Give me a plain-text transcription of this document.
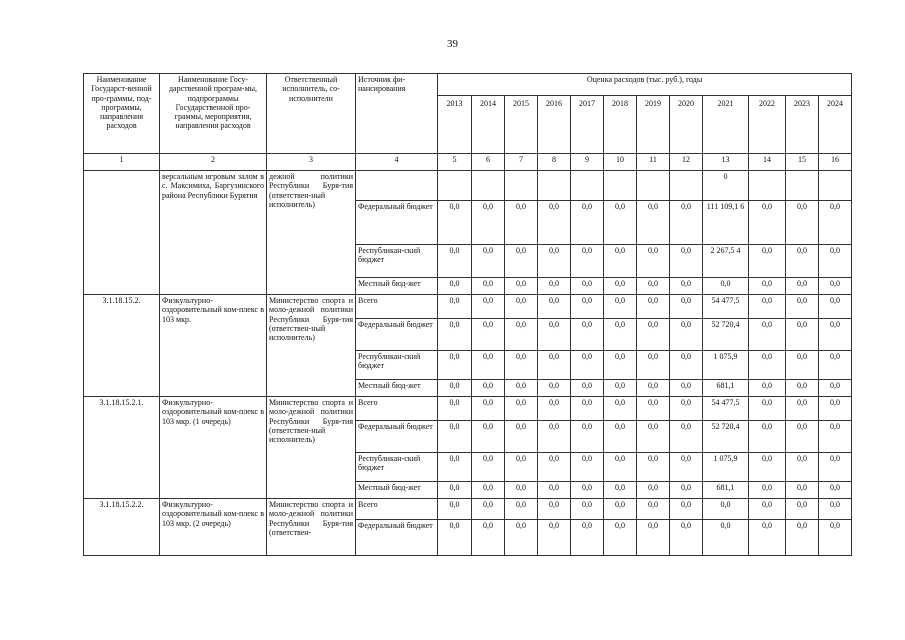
39
Наименование Государст-венной про-граммы, под-программы, направления расходов	Наименование Госу-дарственной програм-мы, подпрограммы Государственной про-граммы, мероприятия, направления расходов	Ответственный исполнитель, со-исполнители	Источник фи-нансирования	Оценка расходов (тыс. руб.), годы											
				2013	2014	2015	2016	2017	2018	2019	2020	2021	2022	2023	2024
1	2	3	4	5	6	7	8	9	10	11	12	13	14	15	16
	версальным игровым залом в с. Максимиха, Баргузинского района Республики Бурятия	дежной политики Республики Буря-тия (ответствен-ный исполнитель)										0			
			Федеральный бюджет	0,0	0,0	0,0	0,0	0,0	0,0	0,0	0,0	111 109,1 6	0,0	0,0	0,0
			Республикан-ский бюджет	0,0	0,0	0,0	0,0	0,0	0,0	0,0	0,0	2 267,5 4	0,0	0,0	0,0
			Местный бюд-жет	0,0	0,0	0,0	0,0	0,0	0,0	0,0	0,0	0,0	0,0	0,0	0,0
3.1.18.15.2.	Физкультурно-оздоровительный ком-плекс в 103 мкр.	Министерство спорта и моло-дежной политики Республики Буря-тия (ответствен-ный исполнитель)	Всего	0,0	0,0	0,0	0,0	0,0	0,0	0,0	0,0	54 477,5	0,0	0,0	0,0
			Федеральный бюджет	0,0	0,0	0,0	0,0	0,0	0,0	0,0	0,0	52 720,4	0,0	0,0	0,0
			Республикан-ский бюджет	0,0	0,0	0,0	0,0	0,0	0,0	0,0	0,0	1 075,9	0,0	0,0	0,0
			Местный бюд-жет	0,0	0,0	0,0	0,0	0,0	0,0	0,0	0,0	681,1	0,0	0,0	0,0
3.1.18.15.2.1.	Физкультурно-оздоровительный ком-плекс в 103 мкр. (1 очередь)	Министерство спорта и моло-дежной политики Республики Буря-тия (ответствен-ный исполнитель)	Всего	0,0	0,0	0,0	0,0	0,0	0,0	0,0	0,0	54 477,5	0,0	0,0	0,0
			Федеральный бюджет	0,0	0,0	0,0	0,0	0,0	0,0	0,0	0,0	52 720,4	0,0	0,0	0,0
			Республикан-ский бюджет	0,0	0,0	0,0	0,0	0,0	0,0	0,0	0,0	1 075,9	0,0	0,0	0,0
			Местный бюд-жет	0,0	0,0	0,0	0,0	0,0	0,0	0,0	0,0	681,1	0,0	0,0	0,0
3.1.18.15.2.2.	Физкультурно-оздоровительный ком-плекс в 103 мкр. (2 очередь)	Министерство спорта и моло-дежной политики Республики Буря-тия (ответствен-	Всего	0,0	0,0	0,0	0,0	0,0	0,0	0,0	0,0	0,0	0,0	0,0	0,0
			Федеральный бюджет	0,0	0,0	0,0	0,0	0,0	0,0	0,0	0,0	0,0	0,0	0,0	0,0
